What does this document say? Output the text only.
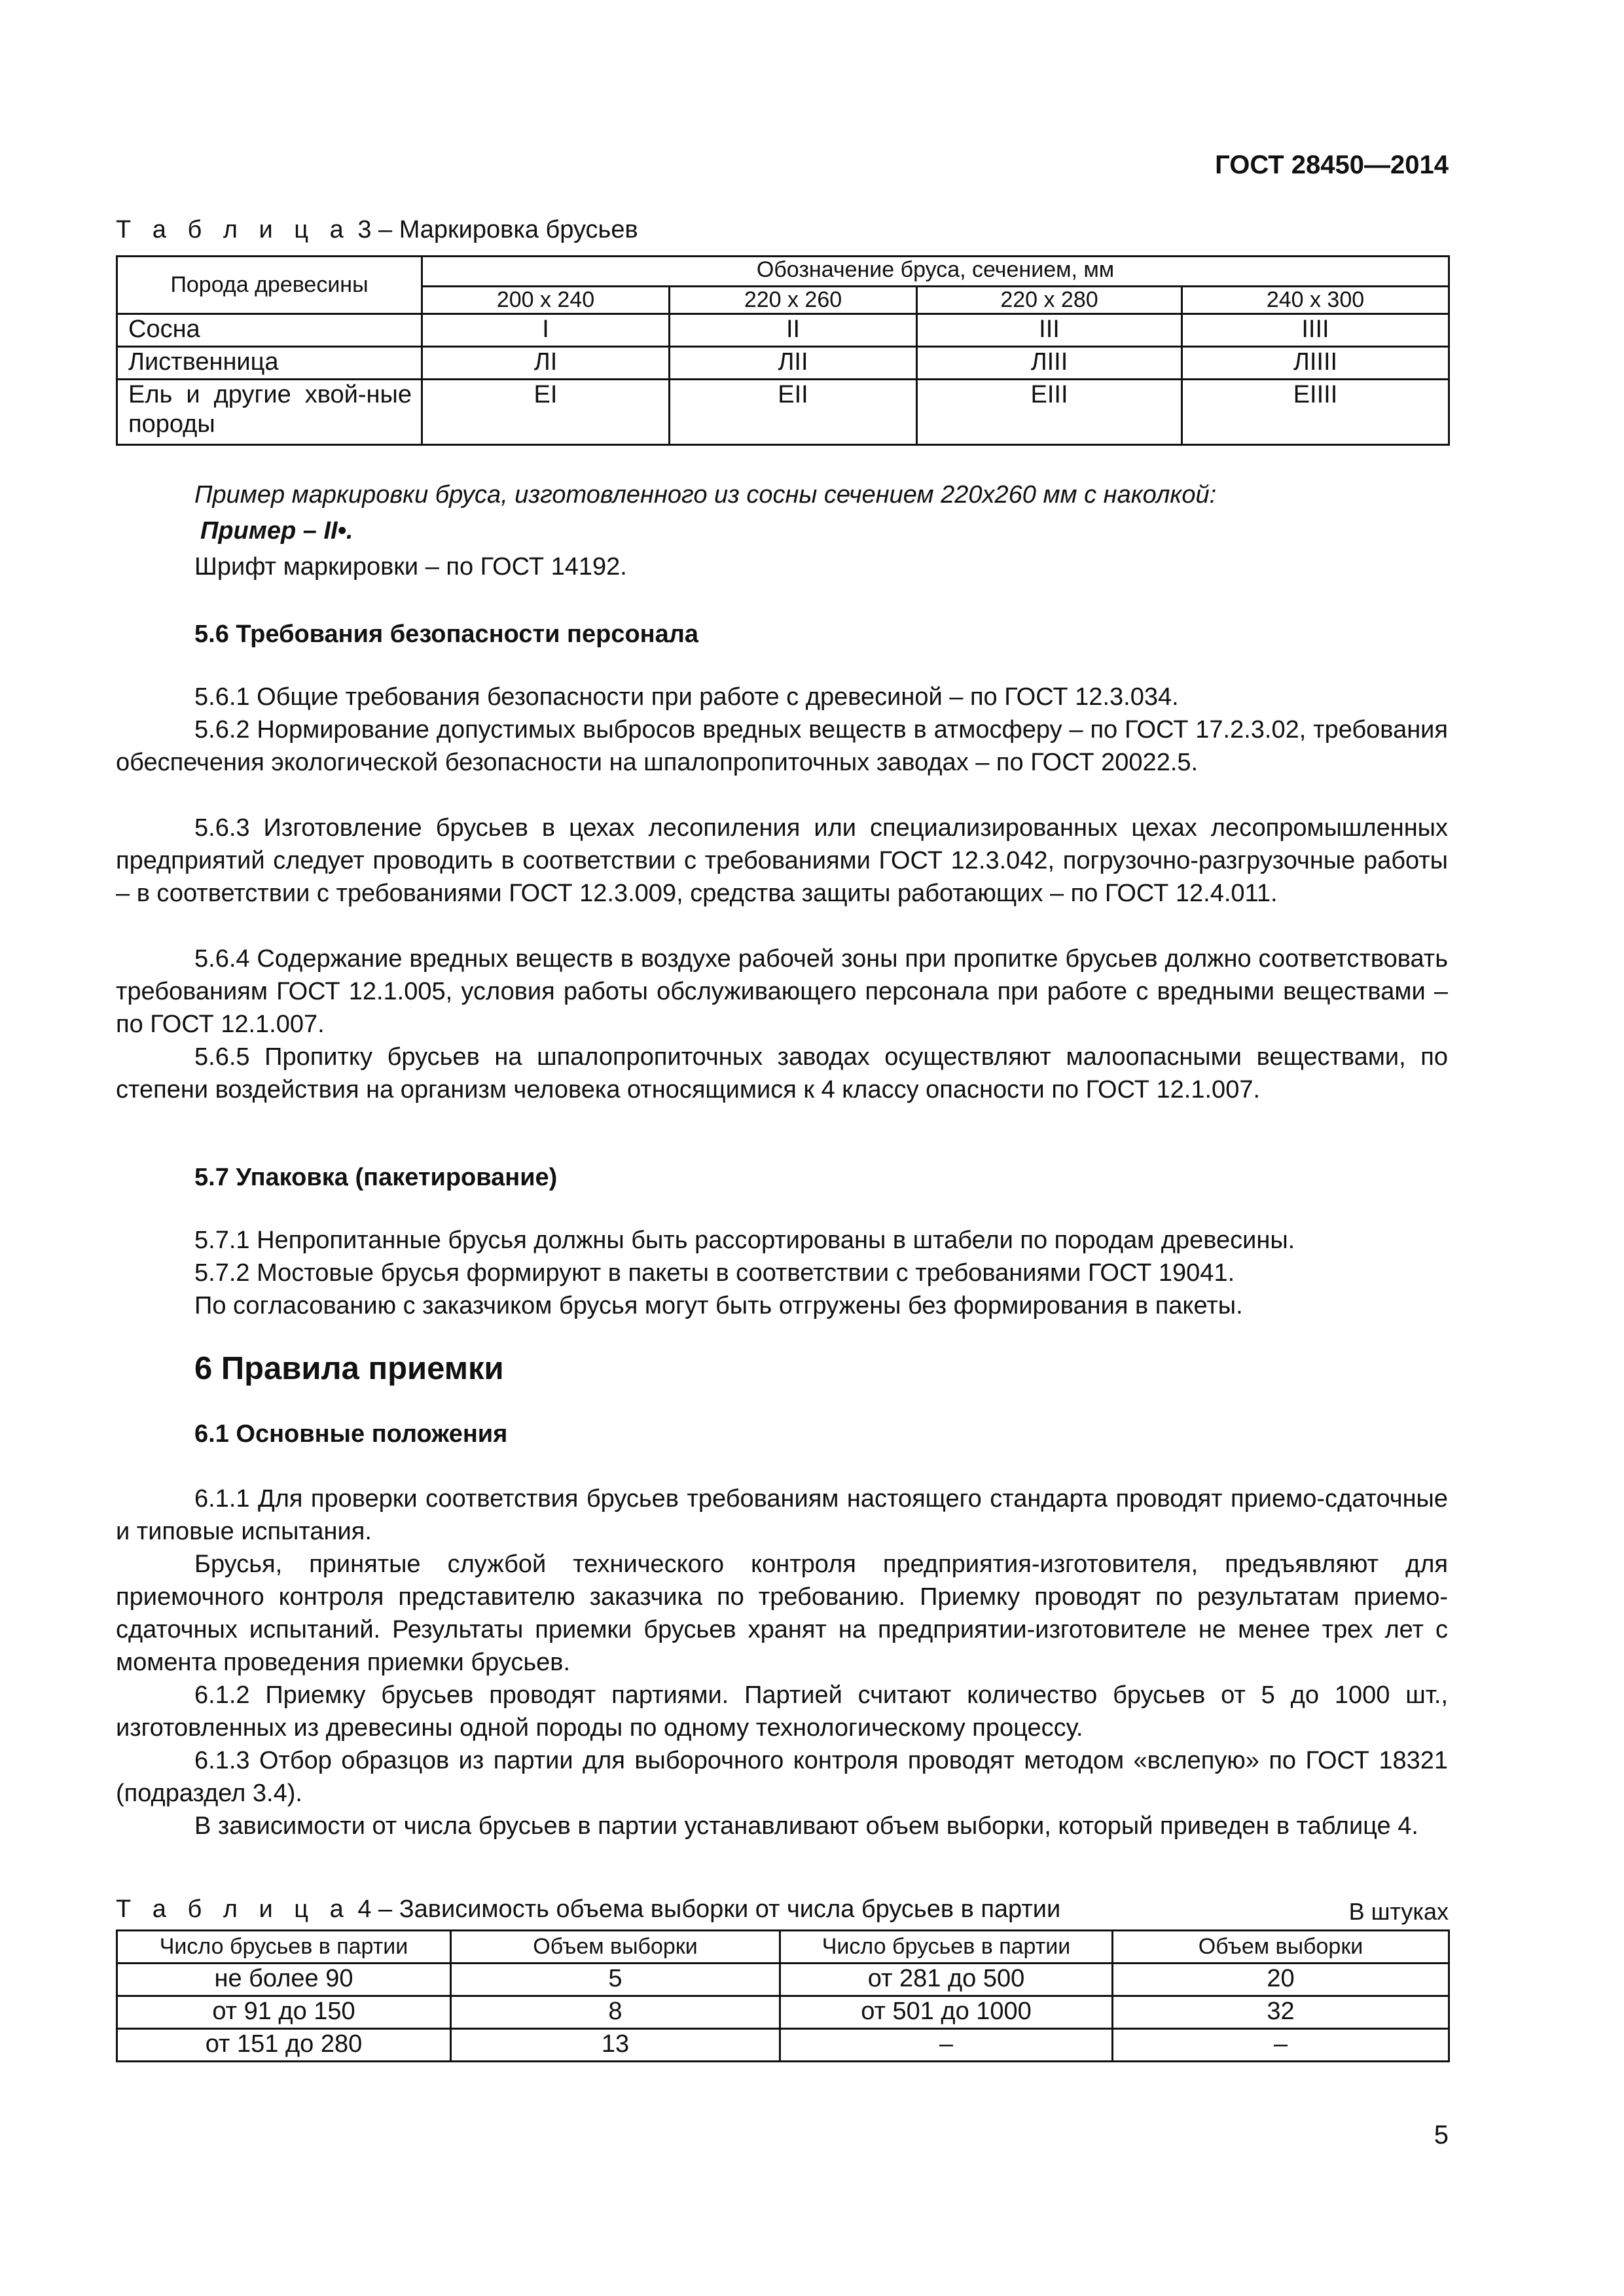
ГОСТ 28450—2014
Т а б л и ц а 3 – Маркировка брусьев
Порода древесины	Обозначение бруса, сечением, мм			
	200 х 240	220 х 260	220 х 280	240 х 300
Сосна	I	II	III	IIII
Лиственница	ЛI	ЛII	ЛIII	ЛIIII
Ель и другие хвой-ные породы	EI	EII	EIII	EIIII
Пример маркировки бруса, изготовленного из сосны сечением 220х260 мм с наколкой:
Пример – II•.
Шрифт маркировки – по ГОСТ 14192.
5.6 Требования безопасности персонала
5.6.1 Общие требования безопасности при работе с древесиной – по ГОСТ 12.3.034.
5.6.2 Нормирование допустимых выбросов вредных веществ в атмосферу – по ГОСТ 17.2.3.02, требования обеспечения экологической безопасности на шпалопропиточных заводах – по ГОСТ 20022.5.
5.6.3 Изготовление брусьев в цехах лесопиления или специализированных цехах лесопромышленных предприятий следует проводить в соответствии с требованиями ГОСТ 12.3.042, погрузочно-разгрузочные работы – в соответствии с требованиями ГОСТ 12.3.009, средства защиты работающих – по ГОСТ 12.4.011.
5.6.4 Содержание вредных веществ в воздухе рабочей зоны при пропитке брусьев должно соответствовать требованиям ГОСТ 12.1.005, условия работы обслуживающего персонала при работе с вредными веществами – по ГОСТ 12.1.007.
5.6.5 Пропитку брусьев на шпалопропиточных заводах осуществляют малоопасными веществами, по степени воздействия на организм человека относящимися к 4 классу опасности по ГОСТ 12.1.007.
5.7 Упаковка (пакетирование)
5.7.1 Непропитанные брусья должны быть рассортированы в штабели по породам древесины.
5.7.2 Мостовые брусья формируют в пакеты в соответствии с требованиями ГОСТ 19041.
По согласованию с заказчиком брусья могут быть отгружены без формирования в пакеты.
6 Правила приемки
6.1 Основные положения
6.1.1 Для проверки соответствия брусьев требованиям настоящего стандарта проводят приемо-сдаточные и типовые испытания.
Брусья, принятые службой технического контроля предприятия-изготовителя, предъявляют для приемочного контроля представителю заказчика по требованию. Приемку проводят по результатам приемо-сдаточных испытаний. Результаты приемки брусьев хранят на предприятии-изготовителе не менее трех лет с момента проведения приемки брусьев.
6.1.2 Приемку брусьев проводят партиями. Партией считают количество брусьев от 5 до 1000 шт., изготовленных из древесины одной породы по одному технологическому процессу.
6.1.3 Отбор образцов из партии для выборочного контроля проводят методом «вслепую» по ГОСТ 18321 (подраздел 3.4).
В зависимости от числа брусьев в партии устанавливают объем выборки, который приведен в таблице 4.
Т а б л и ц а 4 – Зависимость объема выборки от числа брусьев в партии	В штуках
Число брусьев в партии	Объем выборки	Число брусьев в партии	Объем выборки
не более 90	5	от 281 до 500	20
от 91 до 150	8	от 501 до 1000	32
от 151 до 280	13	–	–
5
